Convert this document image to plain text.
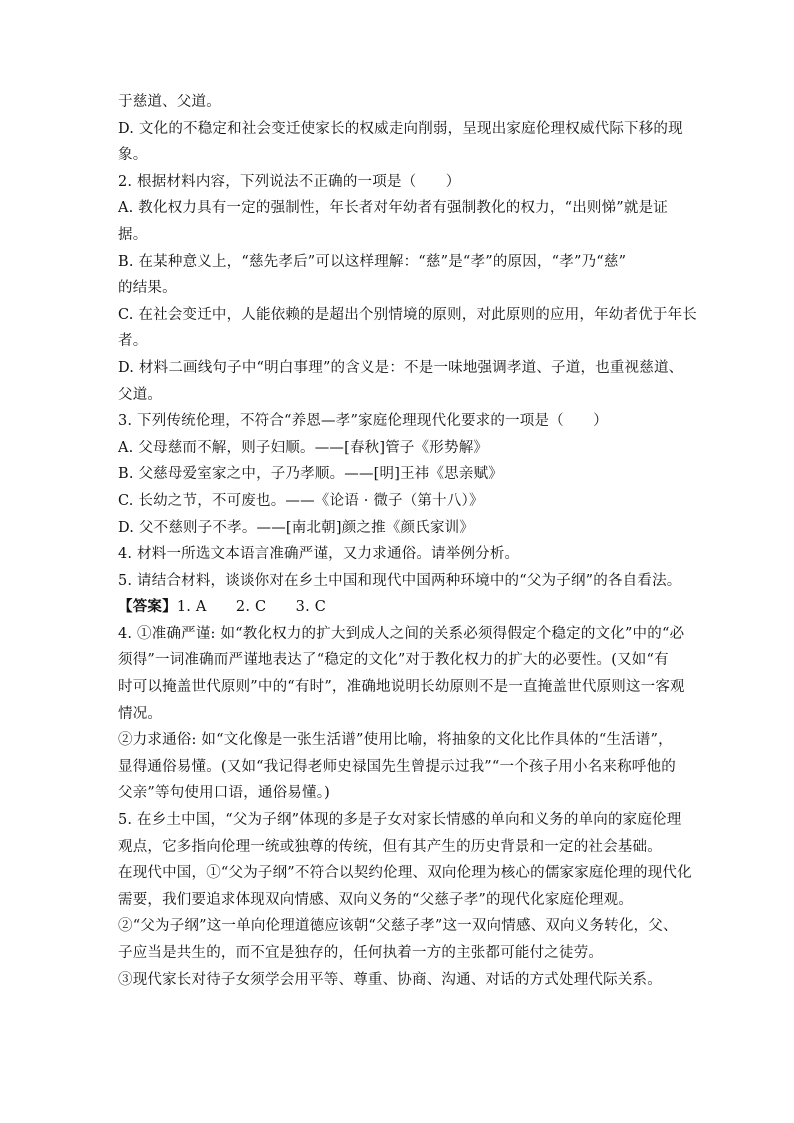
于慈道、父道。
D. 文化的不稳定和社会变迁使家长的权威走向削弱，呈现出家庭伦理权威代际下移的现
象。
2. 根据材料内容，下列说法不正确的一项是（　　）
A. 教化权力具有一定的强制性，年长者对年幼者有强制教化的权力，“出则悌”就是证
据。
B. 在某种意义上，“慈先孝后”可以这样理解：“慈”是“孝”的原因，“孝”乃“慈”
的结果。
C. 在社会变迁中，人能依赖的是超出个别情境的原则，对此原则的应用，年幼者优于年长
者。
D. 材料二画线句子中“明白事理”的含义是：不是一味地强调孝道、子道，也重视慈道、
父道。
3. 下列传统伦理，不符合“养恩—孝”家庭伦理现代化要求的一项是（　　）
A. 父母慈而不解，则子妇顺。——[春秋]管子《形势解》
B. 父慈母爱室家之中，子乃孝顺。——[明]王祎《思亲赋》
C. 长幼之节，不可废也。——《论语 · 微子（第十八）》
D. 父不慈则子不孝。——[南北朝]颜之推《颜氏家训》
4. 材料一所选文本语言准确严谨，又力求通俗。请举例分析。
5. 请结合材料，谈谈你对在乡土中国和现代中国两种环境中的“父为子纲”的各自看法。
【答案】1. A　　2. C　　3. C
4. ①准确严谨: 如“教化权力的扩大到成人之间的关系必须得假定个稳定的文化”中的“必
须得”一词准确而严谨地表达了“稳定的文化”对于教化权力的扩大的必要性。(又如“有
时可以掩盖世代原则”中的“有时”，准确地说明长幼原则不是一直掩盖世代原则这一客观
情况。
②力求通俗: 如“文化像是一张生活谱”使用比喻，将抽象的文化比作具体的“生活谱”，
显得通俗易懂。(又如“我记得老师史禄国先生曾提示过我”“一个孩子用小名来称呼他的
父亲”等句使用口语，通俗易懂。)
5. 在乡土中国，“父为子纲”体现的多是子女对家长情感的单向和义务的单向的家庭伦理
观点，它多指向伦理一统或独尊的传统，但有其产生的历史背景和一定的社会基础。
在现代中国，①“父为子纲”不符合以契约伦理、双向伦理为核心的儒家家庭伦理的现代化
需要，我们要追求体现双向情感、双向义务的“父慈子孝”的现代化家庭伦理观。
②“父为子纲”这一单向伦理道德应该朝“父慈子孝”这一双向情感、双向义务转化，父、
子应当是共生的，而不宜是独存的，任何执着一方的主张都可能付之徒劳。
③现代家长对待子女须学会用平等、尊重、协商、沟通、对话的方式处理代际关系。
